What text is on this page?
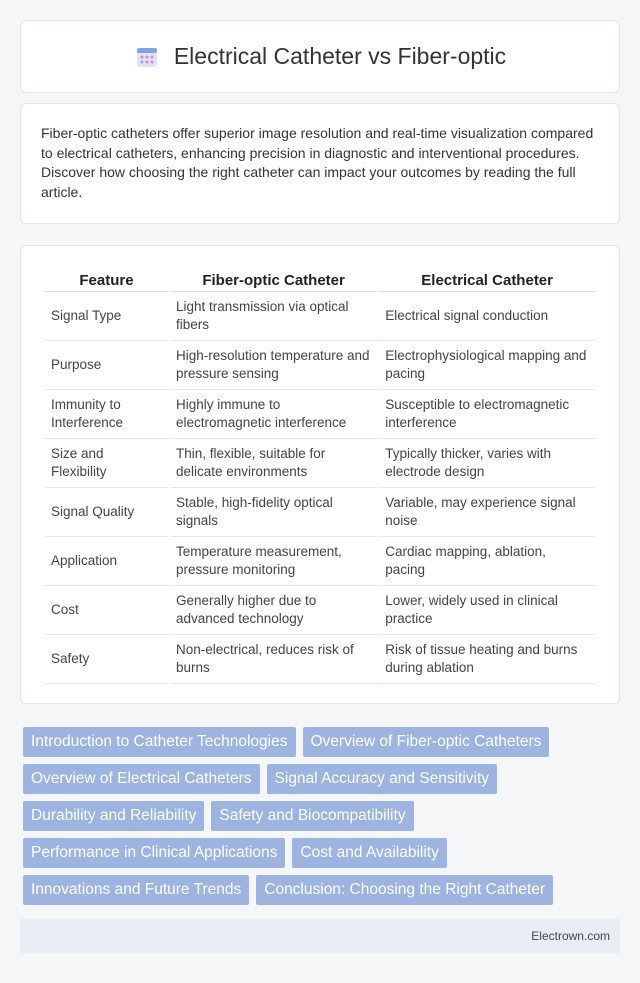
Electrical Catheter vs Fiber-optic

Fiber-optic catheters offer superior image resolution and real-time visualization compared to electrical catheters, enhancing precision in diagnostic and interventional procedures. Discover how choosing the right catheter can impact your outcomes by reading the full article.

Feature	Fiber-optic Catheter	Electrical Catheter
Signal Type	Light transmission via optical fibers	Electrical signal conduction
Purpose	High-resolution temperature and pressure sensing	Electrophysiological mapping and pacing
Immunity to Interference	Highly immune to electromagnetic interference	Susceptible to electromagnetic interference
Size and Flexibility	Thin, flexible, suitable for delicate environments	Typically thicker, varies with electrode design
Signal Quality	Stable, high-fidelity optical signals	Variable, may experience signal noise
Application	Temperature measurement, pressure monitoring	Cardiac mapping, ablation, pacing
Cost	Generally higher due to advanced technology	Lower, widely used in clinical practice
Safety	Non-electrical, reduces risk of burns	Risk of tissue heating and burns during ablation
Introduction to Catheter Technologies	Overview of Fiber-optic Catheters
Overview of Electrical Catheters	Signal Accuracy and Sensitivity
Durability and Reliability	Safety and Biocompatibility
Performance in Clinical Applications	Cost and Availability
Innovations and Future Trends	Conclusion: Choosing the Right Catheter
Electrown.com
